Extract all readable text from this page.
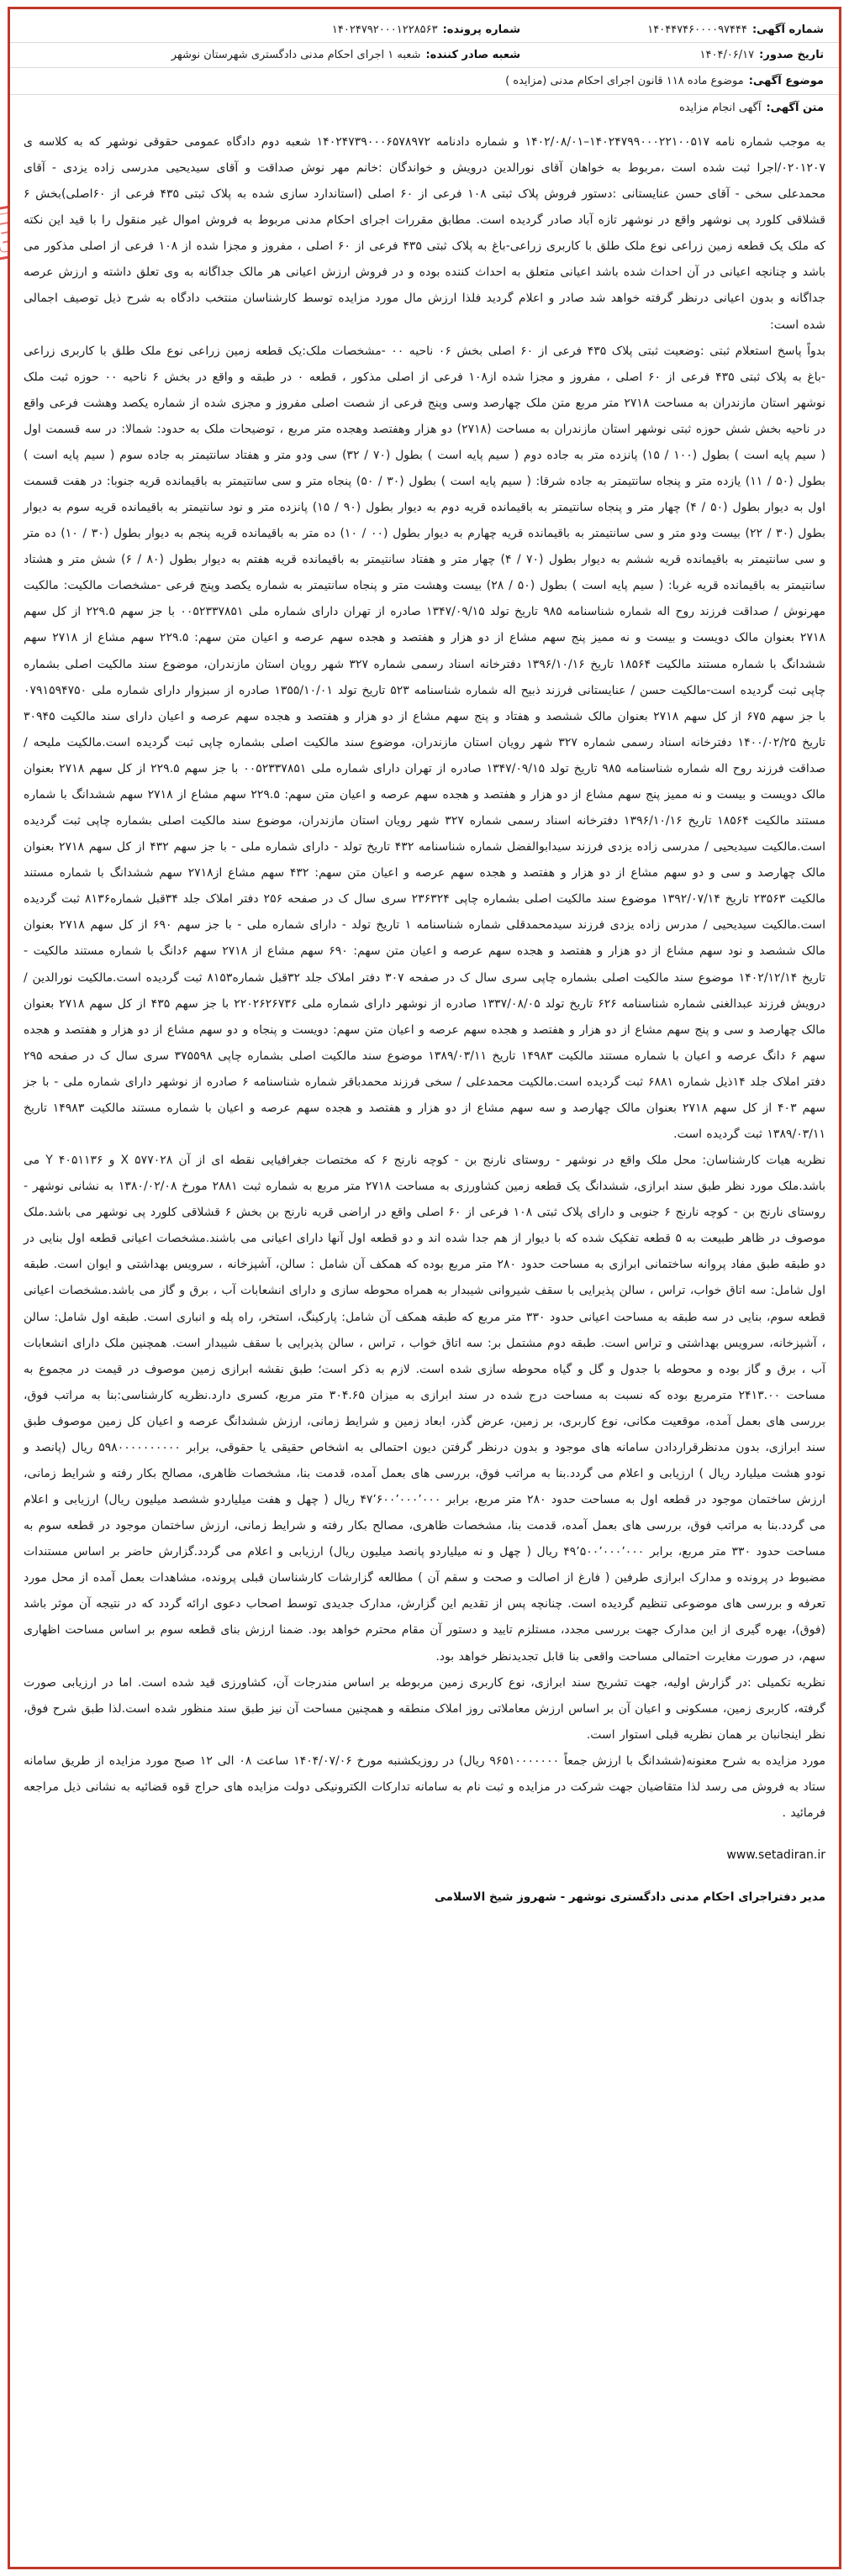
شماره آگهی:
۱۴۰۴۴۷۴۶۰۰۰۰۹۷۴۴۴
شماره پرونده:
۱۴۰۲۴۷۹۲۰۰۰۱۲۲۸۵۶۳
تاریخ صدور:
۱۴۰۴/۰۶/۱۷
شعبه صادر کننده:
شعبه ۱ اجرای احکام مدنی دادگستری شهرستان نوشهر
موضوع آگهی:
موضوع ماده ۱۱۸ قانون اجرای احکام مدنی (مزایده )
متن آگهی:
آگهی انجام مزایده

به موجب شماره نامه ۱۴۰۲۴۷۹۹۰۰۰۲۲۱۰۰۵۱۷–۱۴۰۲/۰۸/۰۱ و شماره دادنامه ۱۴۰۲۴۷۳۹۰۰۰۶۵۷۸۹۷۲ شعبه دوم دادگاه عمومی حقوقی نوشهر که به کلاسه ی ۰۲۰۱۲۰۷/اجرا ثبت شده است ،مربوط به خواهان آقای نورالدین درویش و خواندگان :خانم مهر نوش صداقت و آقای سیدیحیی مدرسی زاده یزدی - آقای محمدعلی سخی - آقای حسن عنایستانی :دستور فروش پلاک ثبتی ۱۰۸ فرعی از ۶۰ اصلی (استاندارد سازی شده به پلاک ثبتی ۴۳۵ فرعی از ۶۰اصلی)بخش ۶ قشلاقی کلورد پی نوشهر واقع در نوشهر تازه آباد صادر گردیده است. مطابق مقررات اجرای احکام مدنی مربوط به فروش اموال غیر منقول را با قید این نکته که ملک یک قطعه زمین زراعی نوع ملک طلق با کاربری زراعی-باغ به پلاک ثبتی ۴۳۵ فرعی از ۶۰ اصلی ، مفروز و مجزا شده از ۱۰۸ فرعی از اصلی مذکور می باشد و چنانچه اعیانی در آن احداث شده باشد اعیانی متعلق به احداث کننده بوده و در فروش ارزش اعیانی هر مالک جداگانه به وی تعلق داشته و ارزش عرصه جداگانه و بدون اعیانی درنظر گرفته خواهد شد صادر و اعلام گردید فلذا ارزش مال مورد مزایده توسط کارشناسان منتخب دادگاه به شرح ذیل توصیف اجمالی شده است:

بدواً پاسخ استعلام ثبتی :وضعیت ثبتی پلاک ۴۳۵ فرعی از ۶۰ اصلی بخش ۰۶ ناحیه ۰۰ -مشخصات ملک:یک قطعه زمین زراعی نوع ملک طلق با کاربری زراعی -باغ به پلاک ثبتی ۴۳۵ فرعی از ۶۰ اصلی ، مفروز و مجزا شده از۱۰۸ فرعی از اصلی مذکور ، قطعه ۰ در طبقه و واقع در بخش ۶ ناحیه ۰۰ حوزه ثبت ملک نوشهر استان مازندران به مساحت ۲۷۱۸ متر مربع متن ملک چهارصد وسی وپنج فرعی از شصت اصلی مفروز و مجزی شده از شماره یکصد وهشت فرعی واقع در ناحیه بخش شش حوزه ثبتی نوشهر استان مازندران به مساحت (۲۷۱۸) دو هزار وهفتصد وهجده متر مربع ، توضیحات ملک به حدود: شمالا: در سه قسمت اول ( سیم پایه است ) بطول (۱۰۰ / ۱۵) پانزده متر به جاده دوم ( سیم پایه است ) بطول (۷۰ / ۳۲) سی ودو متر و هفتاد سانتیمتر به جاده سوم ( سیم پایه است ) بطول (۵۰ / ۱۱) یازده متر و پنجاه سانتیمتر به جاده شرقا: ( سیم پایه است ) بطول (۳۰ / ۵۰) پنجاه متر و سی سانتیمتر به باقیمانده قریه جنوبا: در هفت قسمت اول به دیوار بطول (۵۰ / ۴) چهار متر و پنجاه سانتیمتر به باقیمانده قریه دوم به دیوار بطول (۹۰ / ۱۵) پانزده متر و نود سانتیمتر به باقیمانده قریه سوم به دیوار بطول (۳۰ / ۲۲) بیست ودو متر و سی سانتیمتر به باقیمانده قریه چهارم به دیوار بطول (۰۰ / ۱۰) ده متر به باقیمانده قریه پنجم به دیوار بطول (۳۰ / ۱۰) ده متر و سی سانتیمتر به باقیمانده قریه ششم به دیوار بطول (۷۰ / ۴) چهار متر و هفتاد سانتیمتر به باقیمانده قریه هفتم به دیوار بطول (۸۰ / ۶) شش متر و هشتاد سانتیمتر به باقیمانده قریه غربا: ( سیم پایه است ) بطول (۵۰ / ۲۸) بیست وهشت متر و پنجاه سانتیمتر به شماره یکصد وپنج فرعی -مشخصات مالکیت: مالکیت مهرنوش / صداقت فرزند روح اله شماره شناسنامه ۹۸۵ تاریخ تولد ۱۳۴۷/۰۹/۱۵ صادره از تهران دارای شماره ملی ۰۰۵۲۳۳۷۸۵۱ با جز سهم ۲۲۹.۵ از کل سهم ۲۷۱۸ بعنوان مالک دویست و بیست و نه ممیز پنج سهم مشاع از دو هزار و هفتصد و هجده سهم عرصه و اعیان متن سهم: ۲۲۹.۵ سهم مشاع از ۲۷۱۸ سهم ششدانگ با شماره مستند مالکیت ۱۸۵۶۴ تاریخ ۱۳۹۶/۱۰/۱۶ دفترخانه اسناد رسمی شماره ۳۲۷ شهر رویان استان مازندران، موضوع سند مالکیت اصلی بشماره چاپی ثبت گردیده است-مالکیت حسن / عنایستانی فرزند ذبیح اله شماره شناسنامه ۵۲۳ تاریخ تولد ۱۳۵۵/۱۰/۰۱ صادره از سبزوار دارای شماره ملی ۰۷۹۱۵۹۴۷۵۰ با جز سهم ۶۷۵ از کل سهم ۲۷۱۸ بعنوان مالک ششصد و هفتاد و پنج سهم مشاع از دو هزار و هفتصد و هجده سهم عرصه و اعیان دارای سند مالکیت ۳۰۹۴۵ تاریخ ۱۴۰۰/۰۲/۲۵ دفترخانه اسناد رسمی شماره ۳۲۷ شهر رویان استان مازندران، موضوع سند مالکیت اصلی بشماره چاپی ثبت گردیده است.مالکیت ملیحه / صداقت فرزند روح اله شماره شناسنامه ۹۸۵ تاریخ تولد ۱۳۴۷/۰۹/۱۵ صادره از تهران دارای شماره ملی ۰۰۵۲۳۳۷۸۵۱ با جز سهم ۲۲۹.۵ از کل سهم ۲۷۱۸ بعنوان مالک دویست و بیست و نه ممیز پنج سهم مشاع از دو هزار و هفتصد و هجده سهم عرصه و اعیان متن سهم: ۲۲۹.۵ سهم مشاع از ۲۷۱۸ سهم ششدانگ با شماره مستند مالکیت ۱۸۵۶۴ تاریخ ۱۳۹۶/۱۰/۱۶ دفترخانه اسناد رسمی شماره ۳۲۷ شهر رویان استان مازندران، موضوع سند مالکیت اصلی بشماره چاپی ثبت گردیده است.مالکیت سیدیحیی / مدرسی زاده یزدی فرزند سیدابوالفضل شماره شناسنامه ۴۳۲ تاریخ تولد - دارای شماره ملی - با جز سهم ۴۳۲ از کل سهم ۲۷۱۸ بعنوان مالک چهارصد و سی و دو سهم مشاع از دو هزار و هفتصد و هجده سهم عرصه و اعیان متن سهم: ۴۳۲ سهم مشاع از۲۷۱۸ سهم ششدانگ با شماره مستند مالکیت ۲۳۵۶۳ تاریخ ۱۳۹۲/۰۷/۱۴ موضوع سند مالکیت اصلی بشماره چاپی ۲۳۶۳۲۴ سری سال ک در صفحه ۲۵۶ دفتر املاک جلد ۳۴قبل شماره۸۱۳۶ ثبت گردیده است.مالکیت سیدیحیی / مدرس زاده یزدی فرزند سیدمحمدقلی شماره شناسنامه ۱ تاریخ تولد - دارای شماره ملی - با جز سهم ۶۹۰ از کل سهم ۲۷۱۸ بعنوان مالک ششصد و نود سهم مشاع از دو هزار و هفتصد و هجده سهم عرصه و اعیان متن سهم: ۶۹۰ سهم مشاع از ۲۷۱۸ سهم ۶دانگ با شماره مستند مالکیت - تاریخ ۱۴۰۲/۱۲/۱۴ موضوع سند مالکیت اصلی بشماره چاپی سری سال ک در صفحه ۳۰۷ دفتر املاک جلد ۳۲قبل شماره۸۱۵۳ ثبت گردیده است.مالکیت نورالدین / درویش فرزند عبدالغنی شماره شناسنامه ۶۲۶ تاریخ تولد ۱۳۳۷/۰۸/۰۵ صادره از نوشهر دارای شماره ملی ۲۲۰۲۶۲۶۷۳۶ با جز سهم ۴۳۵ از کل سهم ۲۷۱۸ بعنوان مالک چهارصد و سی و پنج سهم مشاع از دو هزار و هفتصد و هجده سهم عرصه و اعیان متن سهم: دویست و پنجاه و دو سهم مشاع از دو هزار و هفتصد و هجده سهم ۶ دانگ عرصه و اعیان با شماره مستند مالکیت ۱۴۹۸۳ تاریخ ۱۳۸۹/۰۳/۱۱ موضوع سند مالکیت اصلی بشماره چاپی ۳۷۵۵۹۸ سری سال ک در صفحه ۲۹۵ دفتر املاک جلد ۱۴ذیل شماره ۶۸۸۱ ثبت گردیده است.مالکیت محمدعلی / سخی فرزند محمدباقر شماره شناسنامه ۶ صادره از نوشهر دارای شماره ملی - با جز سهم ۴۰۳ از کل سهم ۲۷۱۸ بعنوان مالک چهارصد و سه سهم مشاع از دو هزار و هفتصد و هجده سهم عرصه و اعیان با شماره مستند مالکیت ۱۴۹۸۳ تاریخ ۱۳۸۹/۰۳/۱۱ ثبت گردیده است.

نظریه هیات کارشناسان: محل ملک واقع در نوشهر - روستای نارنج بن - کوچه نارنج ۶ که مختصات جغرافیایی نقطه ای از آن X ۵۷۷۰۲۸ و Y ۴۰۵۱۱۳۶ می باشد.ملک مورد نظر طبق سند ابرازی، ششدانگ یک قطعه زمین کشاورزی به مساحت ۲۷۱۸ متر مربع به شماره ثبت ۲۸۸۱ مورخ ۱۳۸۰/۰۲/۰۸ به نشانی نوشهر - روستای نارنج بن - کوچه نارنج ۶ جنوبی و دارای پلاک ثبتی ۱۰۸ فرعی از ۶۰ اصلی واقع در اراضی قریه نارنج بن بخش ۶ قشلاقی کلورد پی نوشهر می باشد.ملک موصوف در ظاهر طبیعت به ۵ قطعه تفکیک شده که با دیوار از هم جدا شده اند و دو قطعه اول آنها دارای اعیانی می باشند.مشخصات اعیانی قطعه اول بنایی در دو طبقه طبق مفاد پروانه ساختمانی ابرازی به مساحت حدود ۲۸۰ متر مربع بوده که همکف آن شامل : سالن، آشپزخانه ، سرویس بهداشتی و ایوان است. طبقه اول شامل: سه اتاق خواب، تراس ، سالن پذیرایی با سقف شیروانی شیبدار به همراه محوطه سازی و دارای انشعابات آب ، برق و گاز می باشد.مشخصات اعیانی قطعه سوم، بنایی در سه طبقه به مساحت اعیانی حدود ۳۳۰ متر مربع که طبقه همکف آن شامل: پارکینگ، استخر، راه پله و انباری است. طبقه اول شامل: سالن ، آشپزخانه، سرویس بهداشتی و تراس است. طبقه دوم مشتمل بر: سه اتاق خواب ، تراس ، سالن پذیرایی با سقف شیبدار است. همچنین ملک دارای انشعابات آب ، برق و گاز بوده و محوطه با جدول و گل و گیاه محوطه سازی شده است. لازم به ذکر است؛ طبق نقشه ابرازی زمین موصوف در قیمت در مجموع به مساحت ۲۴۱۳.۰۰ مترمربع بوده که نسبت به مساحت درج شده در سند ابرازی به میزان ۳۰۴.۶۵ متر مربع، کسری دارد.نظریه کارشناسی:بنا به مراتب فوق، بررسی های بعمل آمده، موقعیت مکانی، نوع کاربری، بر زمین، عرض گذر، ابعاد زمین و شرایط زمانی، ارزش ششدانگ عرصه و اعیان کل زمین موصوف طبق سند ابرازی، بدون مدنظرقراردادن سامانه های موجود و بدون درنظر گرفتن دیون احتمالی به اشخاص حقیقی یا حقوقی، برابر ۵۹۸۰۰۰۰۰۰۰۰۰۰ ریال (پانصد و نودو هشت میلیارد ریال ) ارزیابی و اعلام می گردد.بنا به مراتب فوق، بررسی های بعمل آمده، قدمت بنا، مشخصات ظاهری، مصالح بکار رفته و شرایط زمانی، ارزش ساختمان موجود در قطعه اول به مساحت حدود ۲۸۰ متر مربع، برابر ۴۷٬۶۰۰٬۰۰۰٬۰۰۰ ریال ( چهل و هفت میلیاردو ششصد میلیون ریال) ارزیابی و اعلام می گردد.بنا به مراتب فوق، بررسی های بعمل آمده، قدمت بنا، مشخصات ظاهری، مصالح بکار رفته و شرایط زمانی، ارزش ساختمان موجود در قطعه سوم به مساحت حدود ۳۳۰ متر مربع، برابر ۴۹٬۵۰۰٬۰۰۰٬۰۰۰ ریال ( چهل و نه میلیاردو پانصد میلیون ریال) ارزیابی و اعلام می گردد.گزارش حاضر بر اساس مستندات مضبوط در پرونده و مدارک ابرازی طرفین ( فارغ از اصالت و صحت و سقم آن ) مطالعه گزارشات کارشناسان قبلی پرونده، مشاهدات بعمل آمده از محل مورد تعرفه و بررسی های موضوعی تنظیم گردیده است. چنانچه پس از تقدیم این گزارش، مدارک جدیدی توسط اصحاب دعوی ارائه گردد که در نتیجه آن موثر باشد (فوق)، بهره گیری از این مدارک جهت بررسی مجدد، مستلزم تایید و دستور آن مقام محترم خواهد بود. ضمنا ارزش بنای قطعه سوم بر اساس مساحت اظهاری سهم، در صورت مغایرت احتمالی مساحت واقعی بنا قابل تجدیدنظر خواهد بود.

نظریه تکمیلی :در گزارش اولیه، جهت تشریح سند ابرازی، نوع کاربری زمین مربوطه بر اساس مندرجات آن، کشاورزی قید شده است. اما در ارزیابی صورت گرفته، کاربری زمین، مسکونی و اعیان آن بر اساس ارزش معاملاتی روز املاک منطقه و همچنین مساحت آن نیز طبق سند منظور شده است.لذا طبق شرح فوق، نظر اینجانبان بر همان نظریه قبلی استوار است.

مورد مزایده به شرح معنونه(ششدانگ با ارزش جمعاً ۹۶۵۱۰۰۰۰۰۰۰ ریال) در روزیکشنبه مورخ ۱۴۰۴/۰۷/۰۶ ساعت ۰۸ الی ۱۲ صبح مورد مزایده از طریق سامانه ستاد به فروش می رسد لذا متقاضیان جهت شرکت در مزایده و ثبت نام به سامانه تدارکات الکترونیکی دولت مزایده های حراج قوه قضائیه به نشانی ذیل مراجعه فرمائید .

www.setadiran.ir
مدیر دفتراجرای احکام مدنی دادگستری نوشهر - شهروز شیخ الاسلامی
